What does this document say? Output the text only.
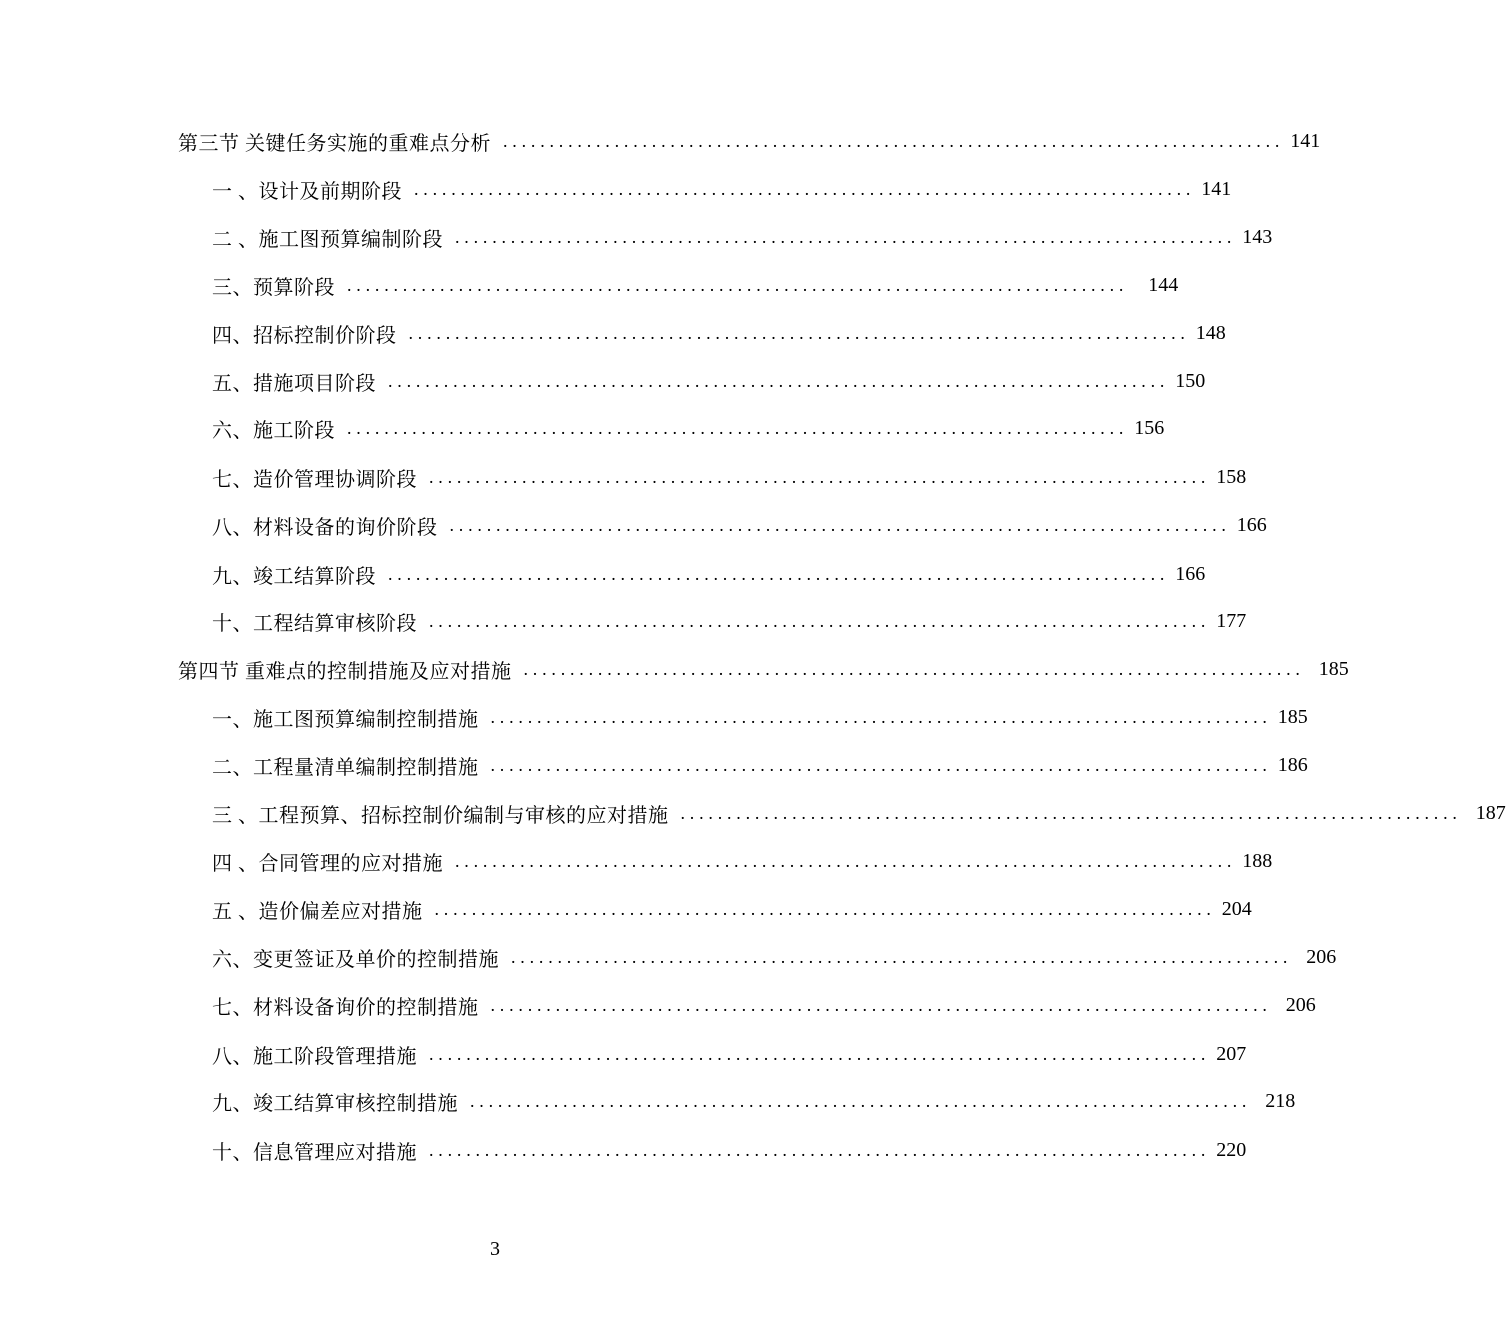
第三节 关键任务实施的重难点分析 .................................................................................... 141
一 、设计及前期阶段 .................................................................................... 141
二 、施工图预算编制阶段 .................................................................................... 143
三、预算阶段 .................................................................................... 144
四、招标控制价阶段 .................................................................................... 148
五、措施项目阶段 .................................................................................... 150
六、施工阶段 .................................................................................... 156
七、造价管理协调阶段 .................................................................................... 158
八、材料设备的询价阶段 .................................................................................... 166
九、竣工结算阶段 .................................................................................... 166
十、工程结算审核阶段 .................................................................................... 177
第四节 重难点的控制措施及应对措施 .................................................................................... 185
一、施工图预算编制控制措施 .................................................................................... 185
二、工程量清单编制控制措施 .................................................................................... 186
三 、工程预算、招标控制价编制与审核的应对措施 .................................................................................... 187
四 、合同管理的应对措施 .................................................................................... 188
五 、造价偏差应对措施 .................................................................................... 204
六、变更签证及单价的控制措施 .................................................................................... 206
七、材料设备询价的控制措施 .................................................................................... 206
八、施工阶段管理措施 .................................................................................... 207
九、竣工结算审核控制措施 .................................................................................... 218
十、信息管理应对措施 .................................................................................... 220
3
